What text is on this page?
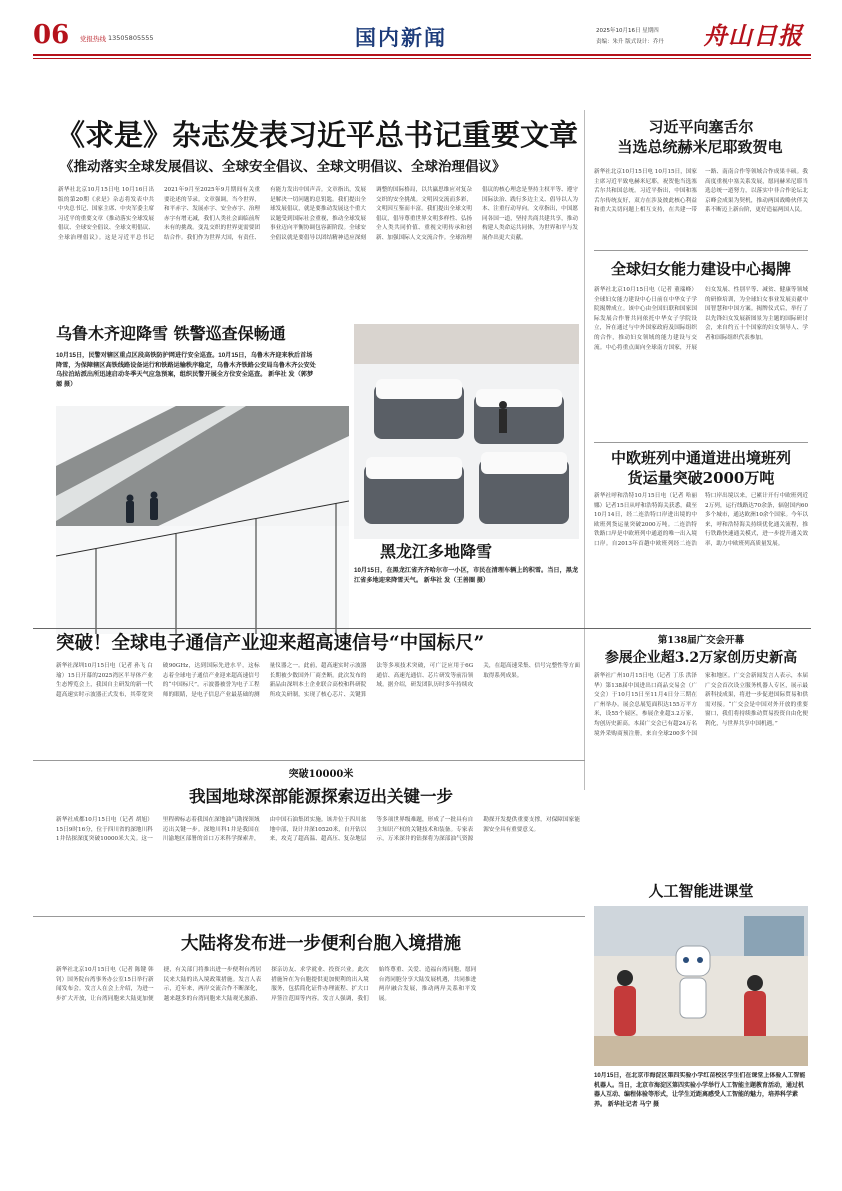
06 党报热线 13505805555	国内新闻	2025年10月16日 星期四
责编：朱升 版式设计：乔丹 舟山日报
《求是》杂志发表习近平总书记重要文章
《推动落实全球发展倡议、全球安全倡议、全球文明倡议、全球治理倡议》
新华社北京10月15日电 10月16日出版的第20期《求是》杂志将发表中共中央总书记、国家主席、中央军委主席习近平的重要文章《推动落实全球发展倡议、全球安全倡议、全球文明倡议、全球治理倡议》。这是习近平总书记2021年9月至2025年9月期间有关重要论述的节录。文章强调，当今世界，和平赤字、发展赤字、安全赤字、治理赤字有增无减，我们人类社会面临前所未有的挑战。变乱交织的世界更需要团结合作。我们作为世界大国，有责任、有能力发出中国声音。文章指出，发展是解决一切问题的总钥匙。我们提出全球发展倡议，就是要推动发展这个重大议题受到国际社会重视，推动全球发展事业迈向平衡协调包容新阶段。全球安全倡议就是要倡导以团结精神适应深刻调整的国际格局，以共赢思维应对复杂交织的安全挑战。文明因交流而多彩，文明因互鉴而丰富。我们提出全球文明倡议，倡导尊重世界文明多样性、弘扬全人类共同价值、重视文明传承和创新、加强国际人文交流合作。全球治理倡议的核心理念是坚持主权平等、遵守国际法治、践行多边主义、倡导以人为本、注重行动导向。文章指出，中国愿同各国一道，坚持共商共建共享，推动构建人类命运共同体，为世界和平与发展作出更大贡献。
习近平向塞舌尔
当选总统赫米尼耶致贺电
新华社北京10月15日电 10月15日，国家主席习近平致电赫米尼耶，祝贺他当选塞舌尔共和国总统。习近平指出，中国和塞舌尔传统友好，双方在涉及彼此核心利益和重大关切问题上相互支持，在共建一带一路、南南合作等领域合作成果丰硕。我高度重视中塞关系发展，愿同赫米尼耶当选总统一道努力，以落实中非合作论坛北京峰会成果为契机，推动两国战略伙伴关系不断迈上新台阶，更好造福两国人民。
全球妇女能力建设中心揭牌
新华社北京10月15日电（记者 董瑞峰）全球妇女能力建设中心日前在中华女子学院揭牌成立。该中心由全国妇联和国家国际发展合作署共同依托中华女子学院设立，旨在通过与中外国家政府及国际组织的合作，推动妇女领域的能力建设与交流。中心将重点面向全球南方国家，开展妇女发展、性别平等、减贫、健康等领域的研修培训，为全球妇女事业发展贡献中国智慧和中国方案。揭牌仪式后，举行了以先锋妇女发展新图景为主题的国际研讨会，来自约五十个国家的妇女领导人、学者和国际组织代表参加。
乌鲁木齐迎降雪 铁警巡查保畅通
10月15日，民警对辖区重点区段高铁防护网进行安全巡查。10月15日，乌鲁木齐迎来秋后首场降雪，为保障辖区高铁线路设备运行和铁路运输秩序稳定，乌鲁木齐铁路公安局乌鲁木齐公安处乌拉泊站派出所迅速启动冬季天气应急预案，组织民警开展全方位安全巡查。 新华社 发（郭梦嫄 摄）
黑龙江多地降雪
10月15日，在黑龙江省齐齐哈尔市一小区，市民在清理车辆上的积雪。当日，黑龙江省多地迎来降雪天气。 新华社 发（王善圈 摄）
中欧班列中通道进出境班列
货运量突破2000万吨
新华社呼和浩特10月15日电（记者 哈丽娜）记者15日从呼和浩特海关获悉，截至10月14日，经二连浩特口岸进出境的中欧班列货运量突破2000万吨。二连浩特铁路口岸是中欧班列中通道的唯一出入境口岸。自2013年首趟中欧班列经二连浩特口岸出境以来，已累计开行中欧班列近2万列，运行线路达70余条，辐射国内60多个城市，通达欧洲10余个国家。今年以来，呼和浩特海关持续优化通关流程，推行铁路快速通关模式，进一步提升通关效率，助力中欧班列高质量发展。
突破！全球电子通信产业迎来超高速信号“中国标尺”
新华社深圳10月15日电（记者 孙飞 白瑜）15日开幕的2025湾区半导体产业生态博览会上，我国自主研发的新一代超高速实时示波器正式发布，其带宽突破90GHz，达到国际先进水平，这标志着全球电子通信产业迎来超高速信号的“中国标尺”。示波器被誉为电子工程师的眼睛，是电子信息产业最基础的测量仪器之一。此前，超高速实时示波器长期被少数国外厂商垄断。此次发布的新品由深圳本土企业联合高校和科研院所攻关研制，实现了核心芯片、关键算法等多项技术突破，可广泛应用于6G通信、高速光通信、芯片研发等前沿领域。据介绍，研发团队历时多年持续攻关，在超高速采集、信号完整性等方面取得系列成果。
第138届广交会开幕
参展企业超3.2万家创历史新高
新华社广州10月15日电（记者 丁乐 洪泽华）第138届中国进出口商品交易会（广交会）于10月15日至11月4日分三期在广州举办。展会总展览面积达155万平方米，设55个展区，参展企业超3.2万家，均创历史新高。本届广交会已有超24万名境外采购商预注册，来自全球200多个国家和地区。广交会新闻发言人表示，本届广交会首次设立服务机器人专区，展示最新科技成果，将进一步促进国际贸易和供需对接。“广交会是中国对外开放的重要窗口，我们将持续推动贸易投资自由化便利化，与世界共享中国机遇。”
突破10000米
我国地球深部能源探索迈出关键一步
新华社成都10月15日电（记者 胡旭）15日9时16分，位于四川省的深地川科1井钻探深度突破10000米大关。这一里程碑标志着我国在深地油气勘探领域迈出关键一步。深地川科1井是我国在川渝地区部署的首口万米科学探索井，由中国石油集团实施。该井位于四川盆地中部，设计井深10520米，自开钻以来，攻克了超高温、超高压、复杂地层等多项世界级难题，形成了一批具有自主知识产权的关键技术和装备。专家表示，万米深井的钻探将为深部油气资源勘探开发提供重要支撑，对保障国家能源安全具有重要意义。
大陆将发布进一步便利台胞入境措施
新华社北京10月15日电（记者 陈键 韩钊）国务院台湾事务办公室15日举行新闻发布会。发言人在会上介绍，为进一步扩大开放，让台湾同胞来大陆更加便捷，有关部门将推出进一步便利台湾居民来大陆的出入境政策措施。发言人表示，近年来，两岸交流合作不断深化，越来越多的台湾同胞来大陆观光旅游、探亲访友、求学就业、投资兴业。此次措施旨在为台胞提供更加便利的出入境服务，包括简化证件办理流程、扩大口岸签注范围等内容。发言人强调，我们始终尊重、关爱、造福台湾同胞，愿同台湾同胞分享大陆发展机遇，共同推进两岸融合发展，推动两岸关系和平发展。
人工智能进课堂
10月15日，在北京市海淀区第四实验小学红苗校区学生们在课堂上体验人工智能机器人。当日，北京市海淀区第四实验小学举行人工智能主题教育活动，通过机器人互动、编程体验等形式，让学生近距离感受人工智能的魅力，培养科学素养。 新华社记者 马宁 摄
